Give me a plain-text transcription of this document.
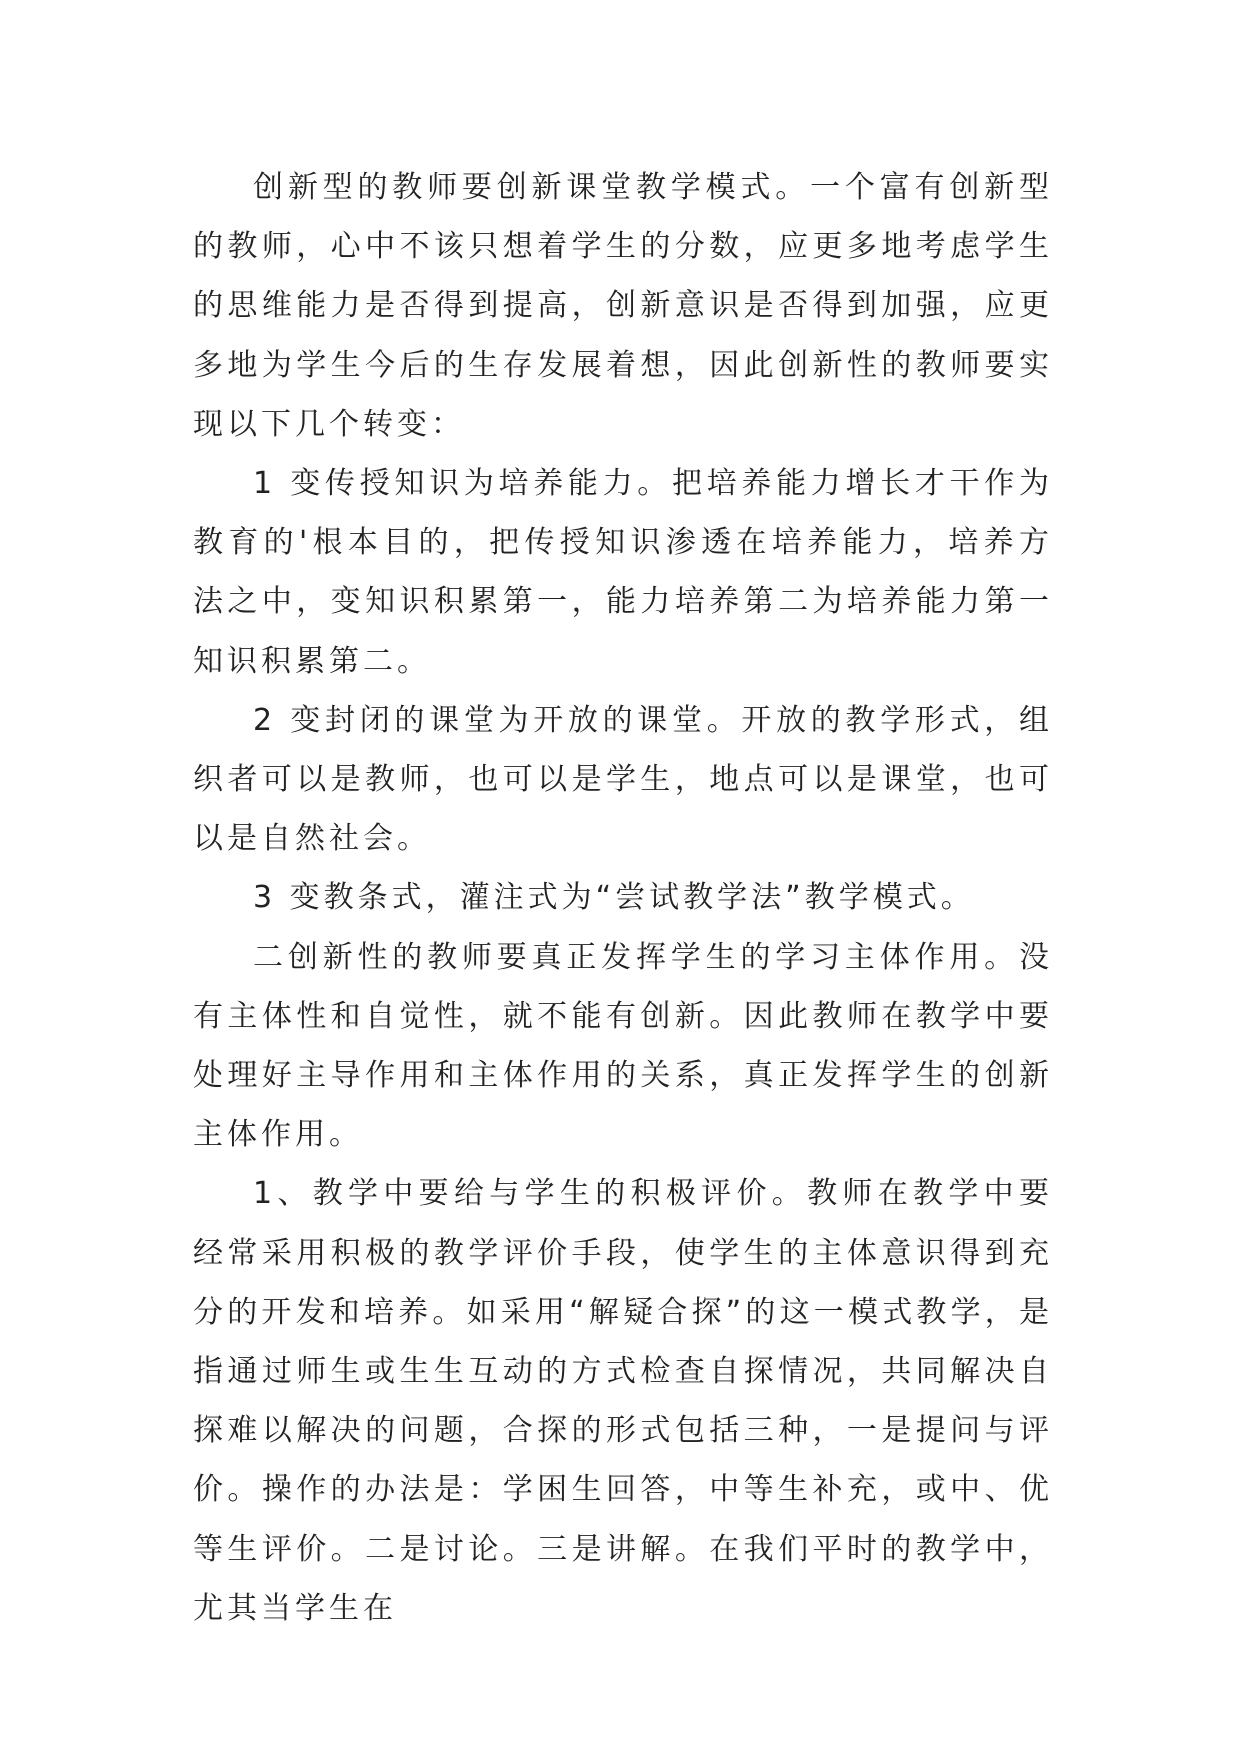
创新型的教师要创新课堂教学模式。一个富有创新型的教师，心中不该只想着学生的分数，应更多地考虑学生的思维能力是否得到提高，创新意识是否得到加强，应更多地为学生今后的生存发展着想，因此创新性的教师要实现以下几个转变：

1 变传授知识为培养能力。把培养能力增长才干作为教育的'根本目的，把传授知识渗透在培养能力，培养方法之中，变知识积累第一，能力培养第二为培养能力第一知识积累第二。

2 变封闭的课堂为开放的课堂。开放的教学形式，组织者可以是教师，也可以是学生，地点可以是课堂，也可以是自然社会。

3 变教条式，灌注式为“尝试教学法”教学模式。

二创新性的教师要真正发挥学生的学习主体作用。没有主体性和自觉性，就不能有创新。因此教师在教学中要处理好主导作用和主体作用的关系，真正发挥学生的创新主体作用。

1、教学中要给与学生的积极评价。教师在教学中要经常采用积极的教学评价手段，使学生的主体意识得到充分的开发和培养。如采用“解疑合探”的这一模式教学，是指通过师生或生生互动的方式检查自探情况，共同解决自探难以解决的问题，合探的形式包括三种，一是提问与评价。操作的办法是：学困生回答，中等生补充，或中、优等生评价。二是讨论。三是讲解。在我们平时的教学中，尤其当学生在
